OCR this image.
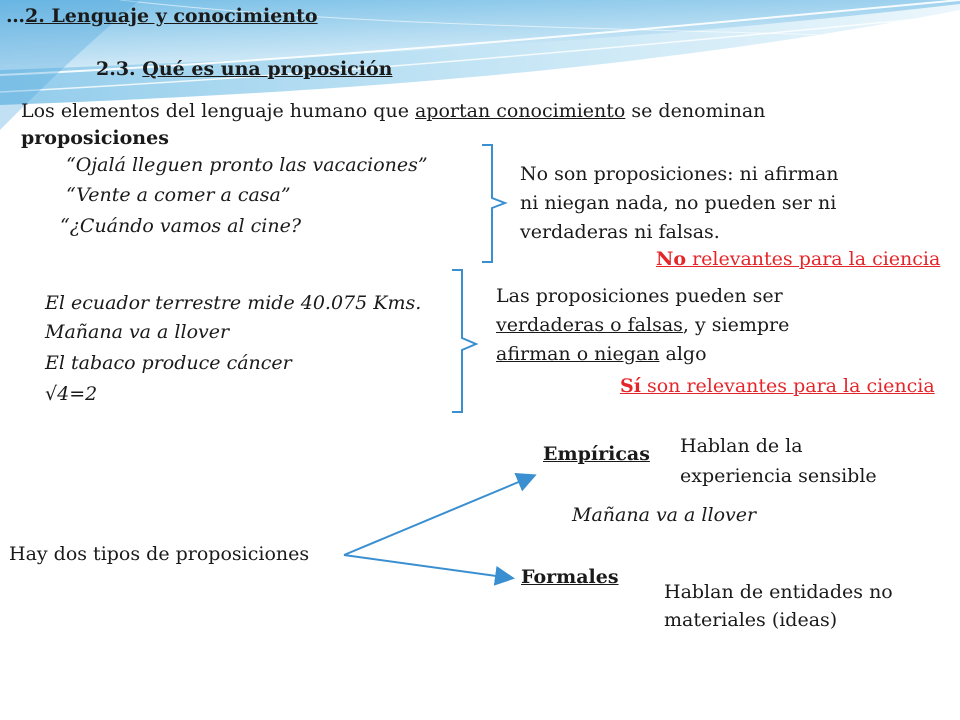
…2. Lenguaje y conocimiento
2.3. Qué es una proposición
Los elementos del lenguaje humano que aportan conocimiento se denominan
proposiciones
“Ojalá lleguen pronto las vacaciones”
“Vente a comer a casa”
“¿Cuándo vamos al cine?
No son proposiciones: ni afirman
ni niegan nada, no pueden ser ni
verdaderas ni falsas.
No relevantes para la ciencia
El ecuador terrestre mide 40.075 Kms.
Mañana va a llover
El tabaco produce cáncer
√4=2
Las proposiciones pueden ser
verdaderas o falsas, y siempre
afirman o niegan algo
Sí son relevantes para la ciencia
Hay dos tipos de proposiciones
Empíricas Hablan de la
experiencia sensible
Mañana va a llover
Formales
Hablan de entidades no
materiales (ideas)
